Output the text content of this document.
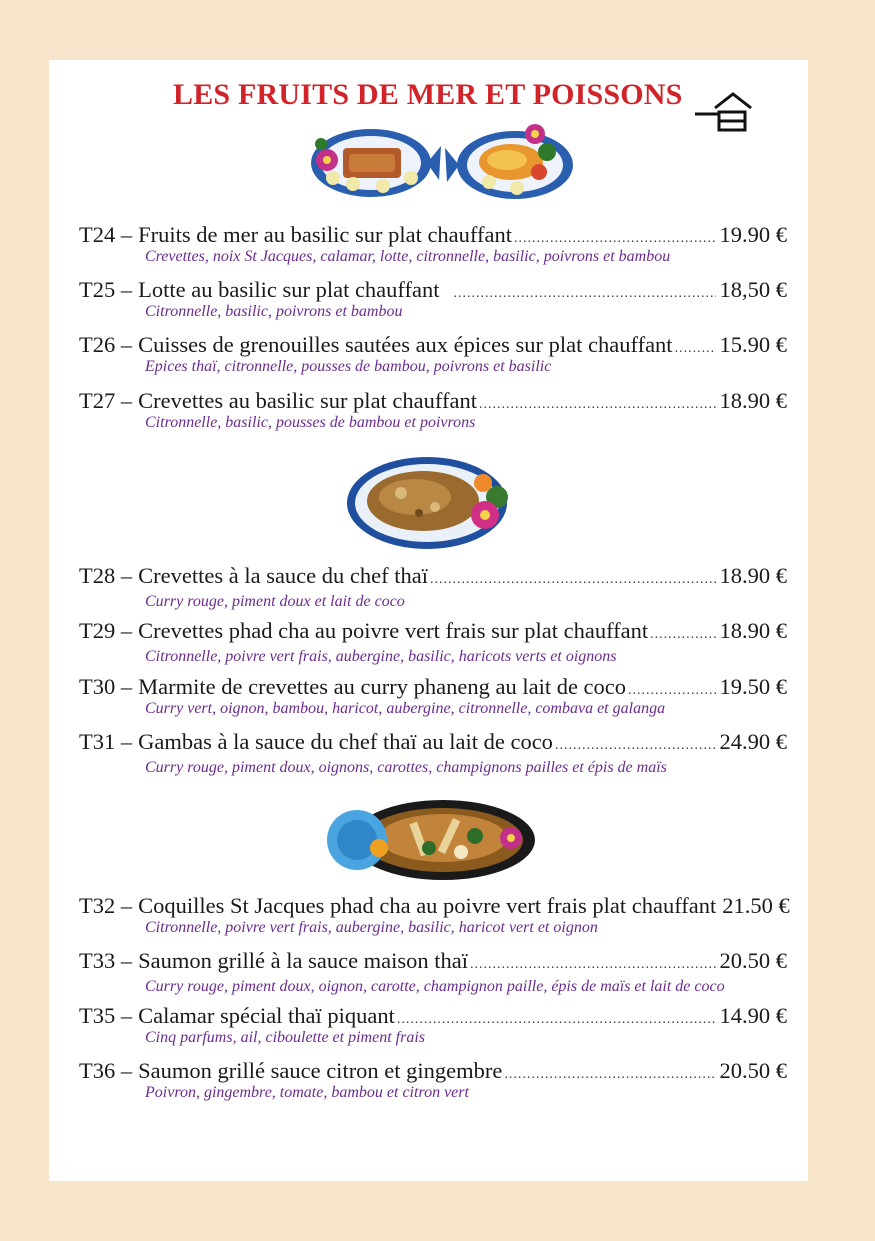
LES FRUITS DE MER ET POISSONS
T24 – Fruits de mer au basilic sur plat chauffant .....	19.90 €
Crevettes, noix St Jacques, calamar, lotte, citronnelle, basilic, poivrons et bambou
T25 – Lotte au basilic sur plat chauffant .....	18,50 €
Citronnelle, basilic, poivrons et bambou
T26 – Cuisses de grenouilles sautées aux épices sur plat chauffant ..... 15.90 €
Epices thaï, citronnelle, pousses de bambou, poivrons et basilic
T27 – Crevettes au basilic sur plat chauffant .....	18.90 €
Citronnelle, basilic, pousses de bambou et poivrons
T28 – Crevettes à la sauce du chef thaï .....	18.90 €
Curry rouge, piment doux et lait de coco
T29 – Crevettes phad cha au poivre vert frais sur plat chauffant .....	18.90 €
Citronnelle, poivre vert frais, aubergine, basilic, haricots verts et oignons
T30 – Marmite de crevettes au curry phaneng au lait de coco .....	19.50 €
Curry vert, oignon, bambou, haricot, aubergine, citronnelle, combava et galanga
T31 – Gambas à la sauce du chef thaï au lait de coco .....	24.90 €
Curry rouge, piment doux, oignons, carottes, champignons pailles et épis de maïs
T32 – Coquilles St Jacques phad cha au poivre vert frais plat chauffant 21.50 €
Citronnelle, poivre vert frais, aubergine, basilic, haricot vert et oignon
T33 – Saumon grillé à la sauce maison thaï .....	20.50 €
Curry rouge, piment doux, oignon, carotte, champignon paille, épis de maïs et lait de coco
T35 – Calamar spécial thaï piquant .....	14.90 €
Cinq parfums, ail, ciboulette et piment frais
T36 – Saumon grillé sauce citron et gingembre .....	20.50 €
Poivron, gingembre, tomate, bambou et citron vert
